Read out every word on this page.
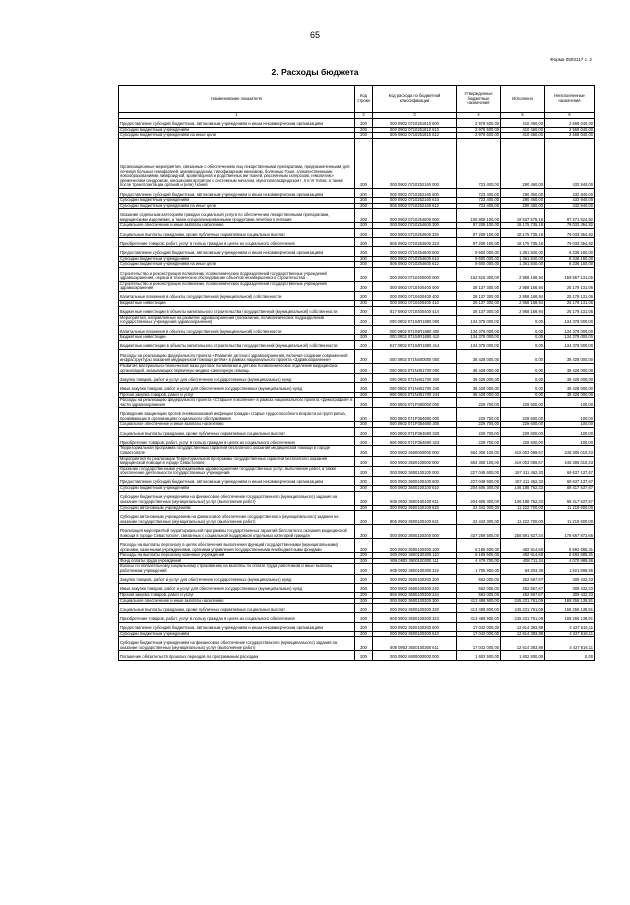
65
Форма 0503117 с. 2
2. Расходы бюджета
Наименование показателя	Код строки	Код расхода по бюджетной классификации	Утвержденные бюджетные назначения	Исполнено	Неисполненные назначения
1	2	3	4	5	6
Предоставление субсидий бюджетным, автономным учреждениям и иным некоммерческим организациям	200	000 0902 0710251810 600	2 978 500,00	410 460,00	2 568 040,00
Субсидии бюджетным учреждениям	200	000 0902 0710251810 610	2 978 500,00	410 460,00	2 568 040,00
Субсидии бюджетным учреждениям на иные цели	200	806 0902 0710251810 612	2 978 500,00	410 460,00	2 568 040,00
Организационные мероприятия, связанные с обеспечением лиц лекарственными препаратами, предназначенными для лечения больных гемофилией, муковисцидозом, гипофизарным нанизмом, болезнью Гоше, злокачественными новообразованиями лимфоидной, кроветворной и родственных им тканей, рассеянным склерозом, гемолитико-уремическим синдромом, юношеским артритом с системным началом, мукополисахаридозом I, II и VI типов, а также после трансплантации органов и (или) тканей	200	000 0902 0710252160 000	723 400,00	290 460,00	432 940,00
Предоставление субсидий бюджетным, автономным учреждениям и иным некоммерческим организациям	200	000 0902 0710252160 600	723 400,00	290 460,00	432 940,00
Субсидии бюджетным учреждениям	200	000 0902 0710252160 610	723 400,00	290 460,00	432 940,00
Субсидии бюджетным учреждениям на иные цели	200	806 0902 0710252160 612	723 400,00	290 460,00	432 940,00
Оказание отдельным категориям граждан социальной услуги по обеспечению лекарственными препаратами, медицинскими изделиями, а также специализированными продуктами лечебного питания	200	000 0902 0710254600 000	106 809 100,00	19 537 575,18	87 271 524,82
Социальное обеспечение и иные выплаты населению	200	000 0902 0710254600 300	97 209 100,00	18 175 735,18	79 033 364,82
Социальные выплаты гражданам, кроме публичных нормативных социальных выплат	200	000 0902 0710254600 320	97 209 100,00	18 175 735,18	79 033 364,82
Приобретение товаров, работ, услуг в пользу граждан в целях их социального обеспечения	200	806 0902 0710254600 323	97 209 100,00	18 175 735,18	79 033 364,82
Предоставление субсидий бюджетным, автономным учреждениям и иным некоммерческим организациям	200	000 0902 0710254600 600	9 600 000,00	1 361 840,00	8 238 160,00
Субсидии бюджетным учреждениям	200	000 0902 0710254600 610	9 600 000,00	1 361 840,00	8 238 160,00
Субсидии бюджетным учреждениям на иные цели	200	806 0902 0710254600 612	9 600 000,00	1 361 840,00	8 238 160,00
Строительство и реконструкция поликлиник, поликлинических подразделений государственных учреждений здравоохранения, охрана и техническое обследование объектов незавершенного строительства	200	000 0902 0710400000 000	162 515 300,00	2 958 168,94	159 557 131,06
Строительство и реконструкция поликлиник, поликлинических подразделений государственных учреждений здравоохранения	200	000 0902 0710400400 000	28 137 300,00	2 958 168,94	25 179 131,06
Капитальные вложения в объекты государственной (муниципальной) собственности	200	000 0902 0710400400 400	28 137 300,00	2 958 168,94	25 179 131,06
Бюджетные инвестиции	200	000 0902 0710400400 410	28 137 300,00	2 958 168,94	25 179 131,06
Бюджетные инвестиции в объекты капитального строительства государственной (муниципальной) собственности	200	817 0902 0710400400 414	28 137 300,00	2 958 168,94	25 179 131,06
Мероприятия, направленные на развитие здравоохранения (поликлиник, поликлинических подразделений государственных учреждений здравоохранения)	200	000 0902 07104R1880 000	134 378 000,00	0,00	134 378 000,00
Капитальные вложения в объекты государственной (муниципальной) собственности	200	000 0902 07104R1880 400	134 378 000,00	0,00	134 378 000,00
Бюджетные инвестиции	200	000 0902 07104R1880 410	134 378 000,00	0,00	134 378 000,00
Бюджетные инвестиции в объекты капитального строительства государственной (муниципальной) собственности	200	817 0902 07104R1880 414	134 378 000,00	0,00	134 378 000,00
Расходы на реализацию федерального проекта «Развитие детского здравоохранения, включая создание современной инфраструктуры оказания медицинской помощи детям» в рамках национального проекта «Здравоохранение»	200	000 0902 071N400000 000	38 428 000,00	0,00	38 428 000,00
Развитие материально-технической базы детских поликлиник и детских поликлинических отделений медицинских организаций, оказывающих первичную медико-санитарную помощь	200	000 0902 071N451700 000	38 428 000,00	0,00	38 428 000,00
Закупка товаров, работ и услуг для обеспечения государственных (муниципальных) нужд	200	000 0902 071N451700 200	38 428 000,00	0,00	38 428 000,00
Иные закупки товаров, работ и услуг для обеспечения государственных (муниципальных) нужд	200	000 0902 071N451700 240	38 428 000,00	0,00	38 428 000,00
Прочая закупка товаров, работ и услуг	200	806 0902 071N451700 244	38 428 000,00	0,00	38 428 000,00
Расходы на реализацию федерального проекта «Старшее поколение» в рамках национального проекта «Демография» в части здравоохранения	200	000 0902 071P300000 000	229 700,00	229 600,00	100,00
Проведение вакцинации против пневмококковой инфекции граждан старше трудоспособного возраста из групп риска, проживающих в организациях социального обслуживания	200	000 0902 071P354680 000	229 700,00	229 600,00	100,00
Социальное обеспечение и иные выплаты населению	200	000 0902 071P354680 300	229 700,00	229 600,00	100,00
Социальные выплаты гражданам, кроме публичных нормативных социальных выплат	200	000 0902 071P354680 320	229 700,00	229 600,00	100,00
Приобретение товаров, работ, услуг в пользу граждан в целях их социального обеспечения	200	806 0902 071P354680 323	229 700,00	229 600,00	100,00
Территориальная программа государственных гарантий бесплатного оказания медицинской помощи в городе Севастополе	200	000 0902 3600000000 000	664 308 100,00	416 003 089,67	248 305 010,33
Мероприятия по реализации Территориальной программы государственных гарантий бесплатного оказания медицинской помощи в городе Севастополе	200	000 0902 3600100000 000	664 308 100,00	416 003 089,67	248 305 010,33
Оказание государственными учреждениями здравоохранения государственных услуг, выполнение работ, а также обеспечение деятельности государственных учреждений	200	000 0902 3600100100 000	227 048 600,00	157 411 462,33	69 637 137,67
Предоставление субсидий бюджетным, автономным учреждениям и иным некоммерческим организациям	200	000 0902 3600100100 600	227 048 600,00	157 411 462,33	69 637 137,67
Субсидии бюджетным учреждениям	200	000 0902 3600100100 610	204 606 300,00	146 188 762,33	58 417 537,67
Субсидии бюджетным учреждениям на финансовое обеспечение государственного (муниципального) задания на оказание государственных (муниципальных) услуг (выполнение работ)	200	806 0902 3600100100 611	204 606 300,00	146 188 762,33	58 417 537,67
Субсидии автономным учреждениям	200	000 0902 3600100100 620	22 442 300,00	11 222 700,00	11 219 600,00
Субсидии автономным учреждениям на финансовое обеспечение государственного (муниципального) задания на оказание государственных (муниципальных) услуг (выполнение работ)	200	806 0902 3600100100 621	22 442 300,00	11 222 700,00	11 219 600,00
Реализация мероприятий территориальной программы государственных гарантий бесплатного оказания медицинской помощи в городе Севастополе, связанных с социальной поддержкой отдельных категорий граждан	200	000 0902 3600100300 000	437 259 500,00	258 591 627,34	178 667 872,66
Расходы на выплаты персоналу в целях обеспечения выполнения функций государственными (муниципальными) органами, казенными учреждениями, органами управления государственными внебюджетными фондами	200	000 0902 3600100300 100	6 185 600,00	492 914,69	5 692 685,31
Расходы на выплаты персоналу казенных учреждений	200	000 0902 3600100300 110	6 185 600,00	492 914,69	5 692 685,31
Фонд оплаты труда учреждений	200	806 0902 3600100300 111	4 479 700,00	408 711,34	4 070 988,66
Взносы по обязательному социальному страхованию на выплаты по оплате труда работников и иные выплаты работникам учреждений	200	806 0902 3600100300 119	1 705 900,00	84 203,35	1 621 696,65
Закупка товаров, работ и услуг для обеспечения государственных (муниципальных) нужд	200	000 0902 3600100300 200	562 000,00	252 567,67	309 432,33
Иные закупки товаров, работ и услуг для обеспечения государственных (муниципальных) нужд	200	000 0902 3600100300 240	562 000,00	252 567,67	309 432,33
Прочая закупка товаров, работ и услуг	200	806 0902 3600100300 244	562 000,00	252 567,67	309 432,33
Социальное обеспечение и иные выплаты населению	200	000 0902 3600100300 300	413 489 900,00	245 231 761,09	168 258 138,91
Социальные выплаты гражданам, кроме публичных нормативных социальных выплат	200	000 0902 3600100300 320	413 489 900,00	245 231 761,09	168 258 138,91
Приобретение товаров, работ, услуг в пользу граждан в целях их социального обеспечения	200	806 0902 3600100300 323	413 489 900,00	245 231 761,09	168 258 138,91
Предоставление субсидий бюджетным, автономным учреждениям и иным некоммерческим организациям	200	000 0902 3600100300 600	17 042 000,00	12 614 383,89	4 427 616,11
Субсидии бюджетным учреждениям	200	000 0902 3600100300 610	17 042 000,00	12 614 383,89	4 427 616,11
Субсидии бюджетным учреждениям на финансовое обеспечение государственного (муниципального) задания на оказание государственных (муниципальных) услуг (выполнение работ)	200	806 0902 3600100300 611	17 042 000,00	12 614 383,89	4 427 616,11
Погашение обязательств прошлых периодов по программным расходам	200	000 0902 6800000000 000	1 602 500,00	1 602 500,00	0,00
